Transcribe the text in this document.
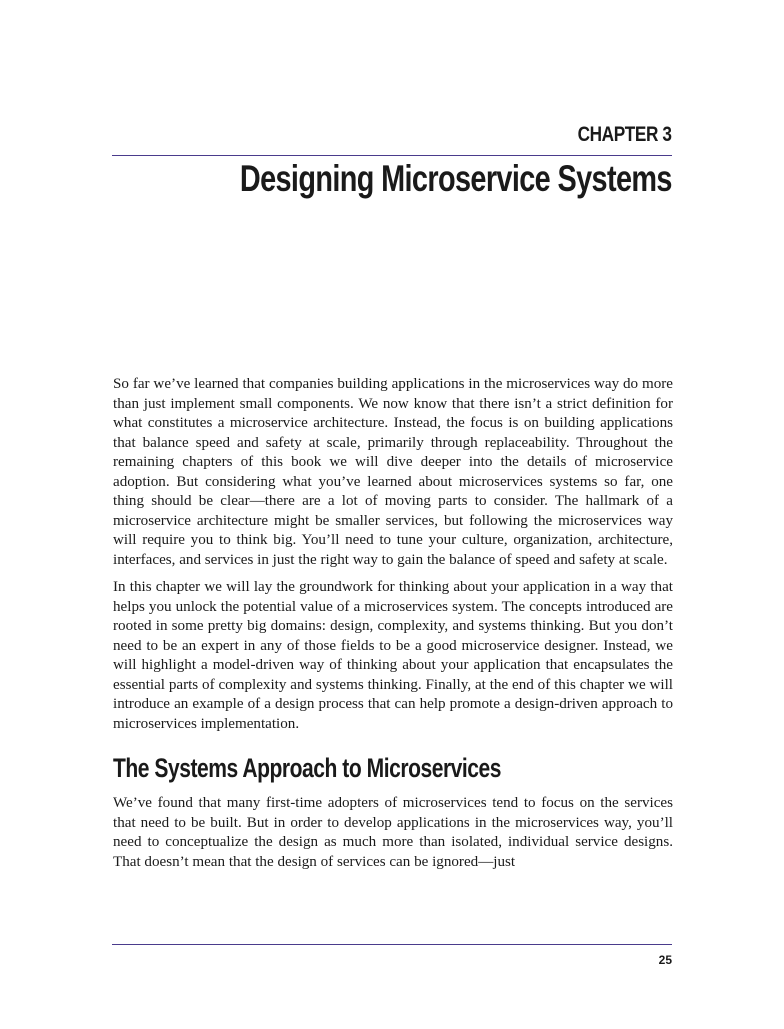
CHAPTER 3
Designing Microservice Systems

So far we’ve learned that companies building applications in the microservices way do more than just implement small components. We now know that there isn’t a strict definition for what constitutes a microservice architecture. Instead, the focus is on building applications that balance speed and safety at scale, primarily through replaceability. Throughout the remaining chapters of this book we will dive deeper into the details of microservice adoption. But considering what you’ve learned about microservices systems so far, one thing should be clear—there are a lot of moving parts to consider. The hallmark of a microservice architecture might be smaller services, but following the microservices way will require you to think big. You’ll need to tune your culture, organization, architecture, interfaces, and services in just the right way to gain the balance of speed and safety at scale.

In this chapter we will lay the groundwork for thinking about your application in a way that helps you unlock the potential value of a microservices system. The concepts introduced are rooted in some pretty big domains: design, complexity, and systems thinking. But you don’t need to be an expert in any of those fields to be a good microservice designer. Instead, we will highlight a model-driven way of thinking about your application that encapsulates the essential parts of complexity and systems thinking. Finally, at the end of this chapter we will introduce an example of a design process that can help promote a design-driven approach to microservices implementation.

The Systems Approach to Microservices

We’ve found that many first-time adopters of microservices tend to focus on the services that need to be built. But in order to develop applications in the microservices way, you’ll need to conceptualize the design as much more than isolated, individual service designs. That doesn’t mean that the design of services can be ignored—just

25
